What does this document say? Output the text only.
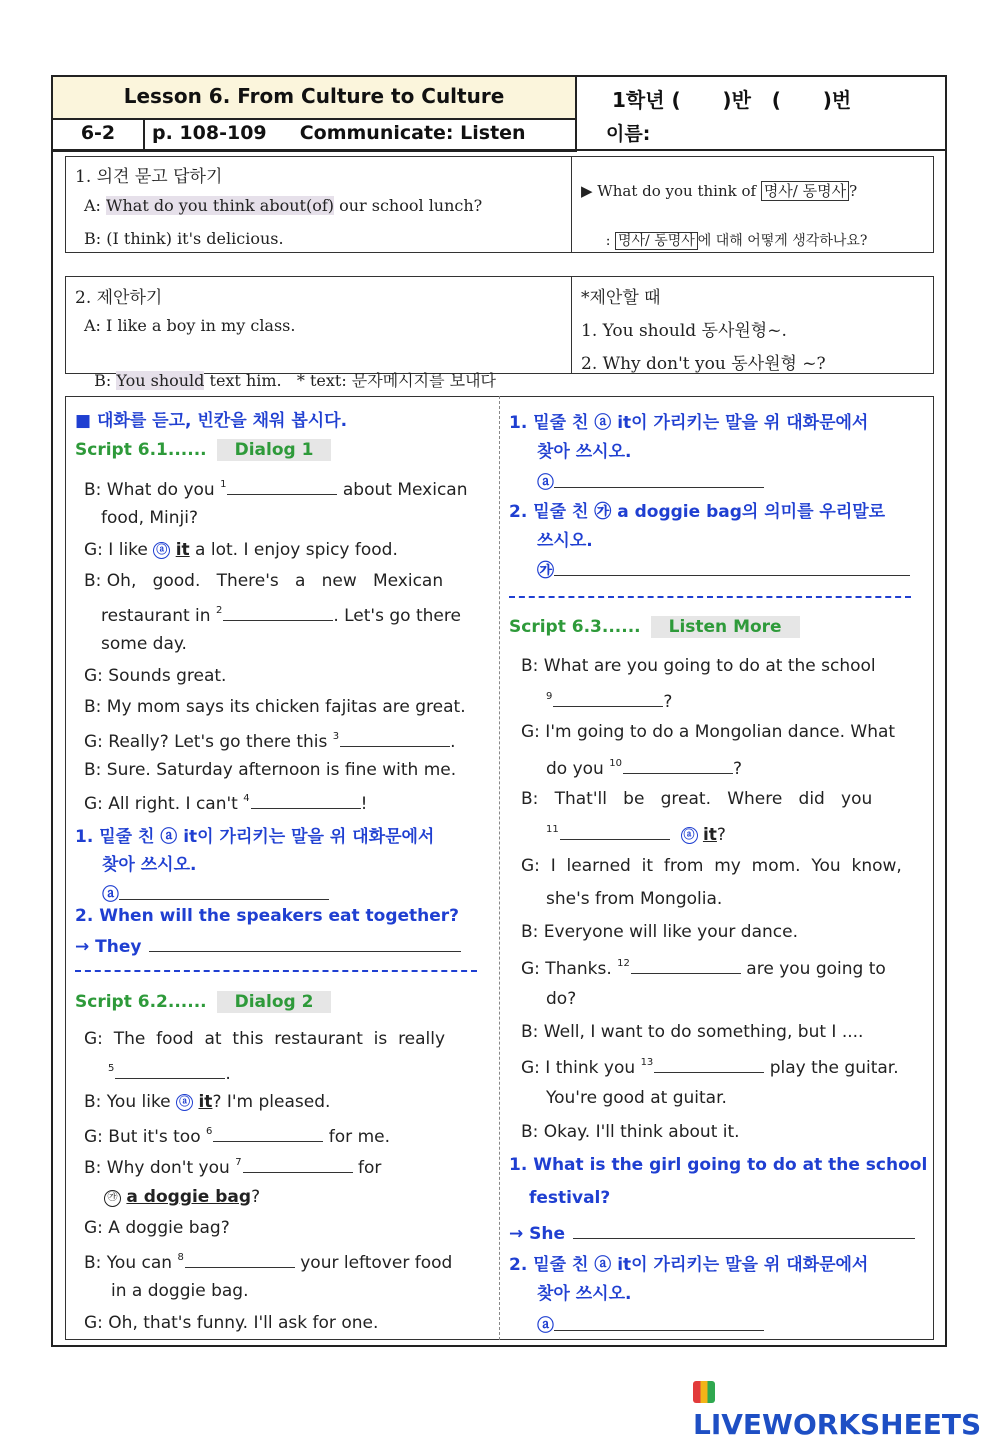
Lesson 6. From Culture to Culture	1학년 (      )반   (      )번
6-2	p. 108-109     Communicate: Listen	이름:
1. 의견 묻고 답하기
A: What do you think about(of) our school lunch?
B: (I think) it's delicious.
▶ What do you think of 명사/ 동명사 ?

: 명사/ 동명사 에 대해 어떻게 생각하나요?

2. 제안하기
A: I like a boy in my class.

B: You should text him.   * text: 문자메시지를 보내다

*제안할 때
1. You should 동사원형~.
2. Why don't you 동사원형 ~?
LIVEWORKSHEETS
■ 대화를 듣고, 빈칸을 채워 봅시다.
Script 6.1...... Dialog 1
B: What do you $^1$	about Mexican
food, Minji?
G: I like ⓐ it a lot. I enjoy spicy food.
B: Oh,   good.   There's   a   new   Mexican
restaurant in $^2$	. Let's go there
some day.
G: Sounds great.
B: My mom says its chicken fajitas are great.
G: Really? Let's go there this $^3$	.
B: Sure. Saturday afternoon is fine with me.
G: All right. I can't $^4$	!
1. 밑줄 친 ⓐ it이 가리키는 말을 위 대화문에서
찾아 쓰시오.
ⓐ
2. When will the speakers eat together?
→ They
Script 6.2...... Dialog 2
G:  The  food  at  this  restaurant  is  really
$^5$	.
B: You like ⓐ it? I'm pleased.
G: But it's too $^6$	for me.
B: Why don't you $^7$	for
㉮ a doggie bag?
G: A doggie bag?
B: You can $^8$	your leftover food
in a doggie bag.
G: Oh, that's funny. I'll ask for one.
1. 밑줄 친 ⓐ it이 가리키는 말을 위 대화문에서
찾아 쓰시오.
ⓐ
2. 밑줄 친 ㉮ a doggie bag의 의미를 우리말로
쓰시오.
㉮
Script 6.3...... Listen More
B: What are you going to do at the school
$^9$	?
G: I'm going to do a Mongolian dance. What
do you $^{10}$	?
B:   That'll   be   great.   Where   did   you
$^{11}$	ⓐ it?
G:  I  learned  it  from  my  mom.  You  know,
she's from Mongolia.
B: Everyone will like your dance.
G: Thanks. $^{12}$	are you going to
do?
B: Well, I want to do something, but I ....
G: I think you $^{13}$	play the guitar.
You're good at guitar.
B: Okay. I'll think about it.
1. What is the girl going to do at the school
festival?
→ She
2. 밑줄 친 ⓐ it이 가리키는 말을 위 대화문에서
찾아 쓰시오.
ⓐ
